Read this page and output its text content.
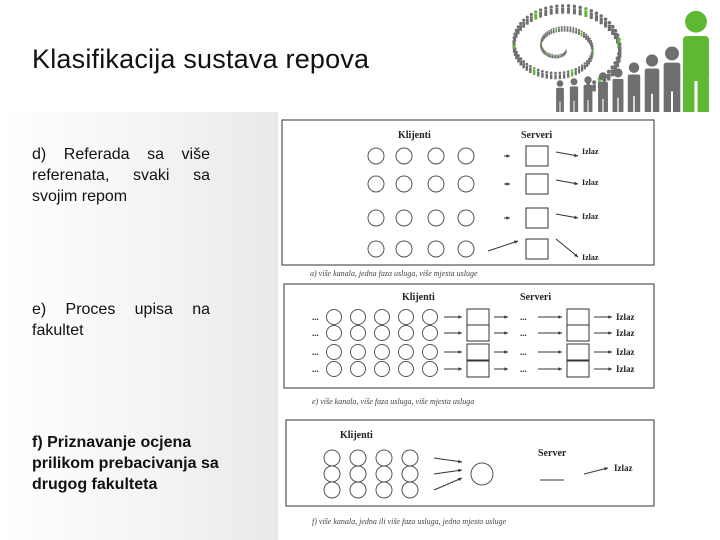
Klasifikacija sustava repova
d) Referada sa više referenata, svaki sa svojim repom
e) Proces upisa na fakultet
f) Priznavanje ocjena prilikom prebacivanja sa drugog fakulteta
Klijenti	Serveri
Izlaz
Izlaz
Izlaz
Izlaz
a) više kanala, jedna faza usluga, više mjesta usluge
Klijenti	Serveri
...	...	Izlaz
...	...	Izlaz
...	...	Izlaz
...	...	Izlaz
e) više kanala, više faza usluga, više mjesta usluga
Klijenti
Server
Izlaz
f) više kanala, jedna ili više faza usluga, jedno mjesto usluge
